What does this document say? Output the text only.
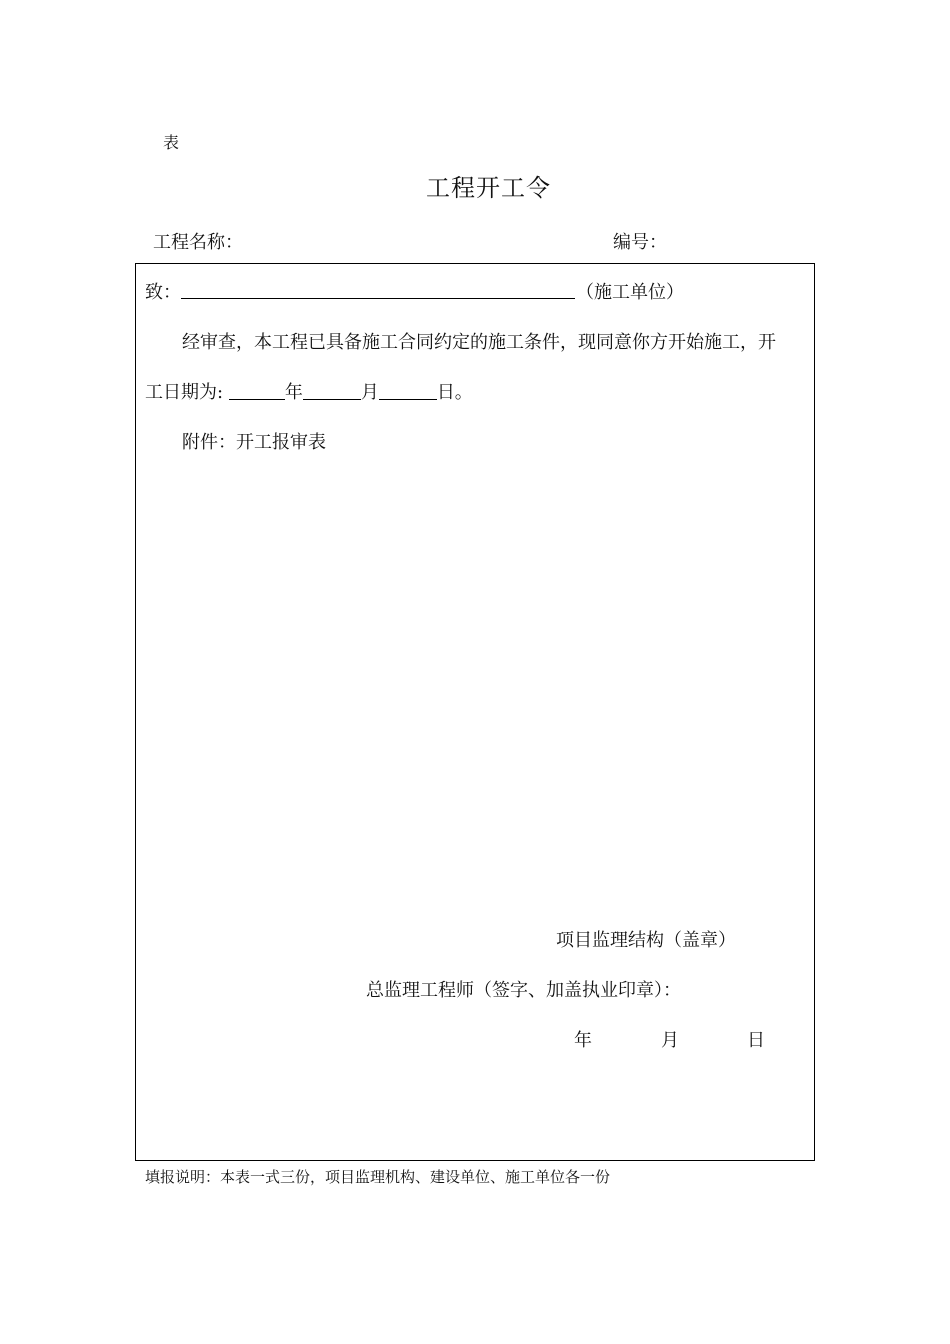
表
工程开工令
工程名称：	编号：
致：	（施工单位）
经审查，本工程已具备施工合同约定的施工条件，现同意你方开始施工，开
工日期为:	年	月	日。
附件：开工报审表
项目监理结构（盖章）
总监理工程师（签字、加盖执业印章）：
年	月	日
填报说明：本表一式三份，项目监理机构、建设单位、施工单位各一份
